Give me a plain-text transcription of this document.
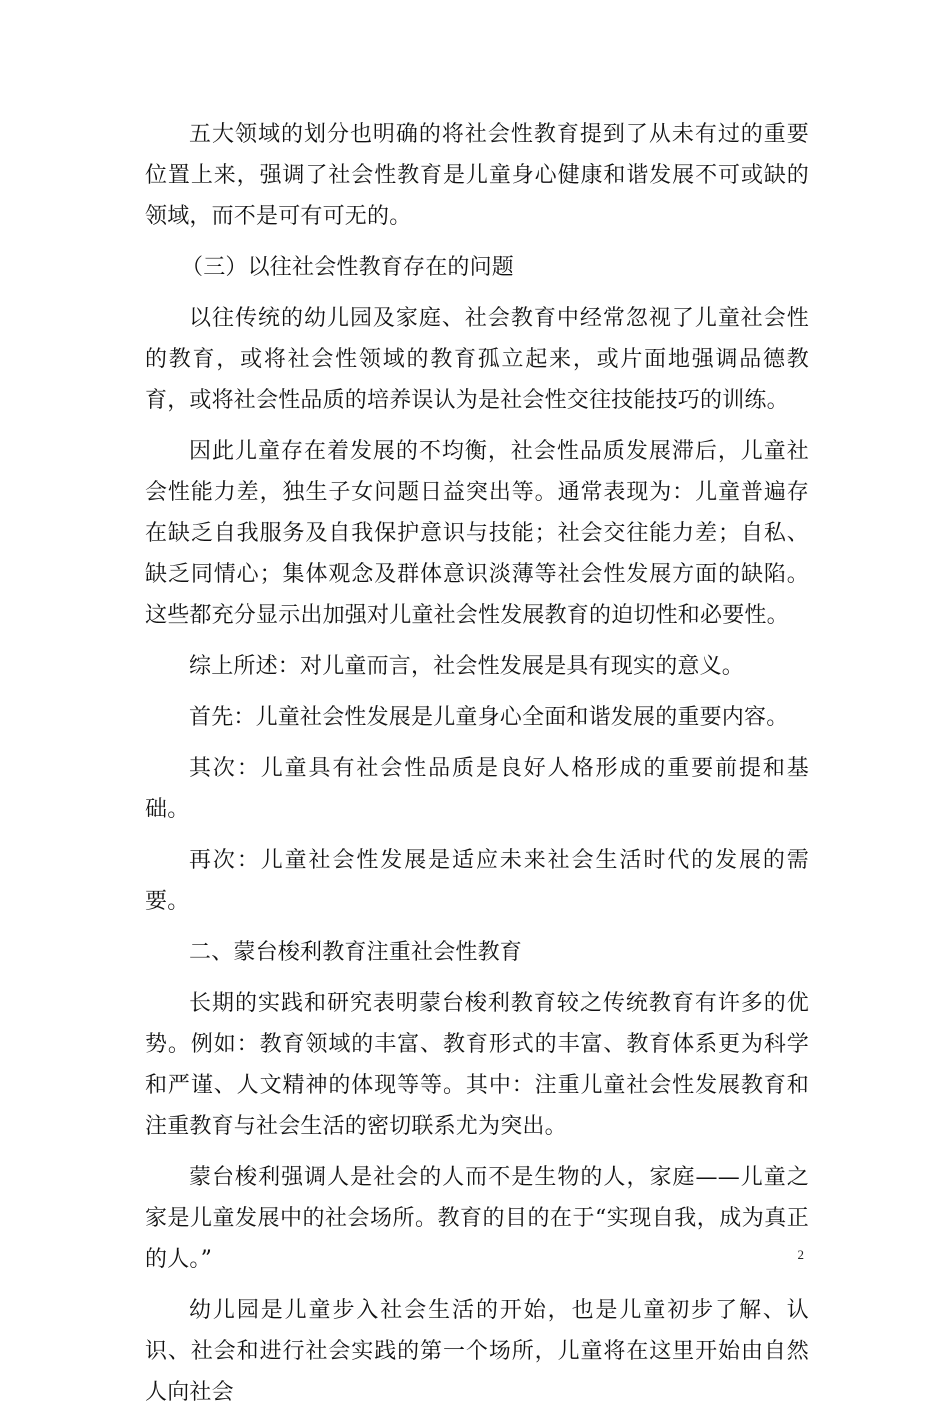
五大领域的划分也明确的将社会性教育提到了从未有过的重要位置上来，强调了社会性教育是儿童身心健康和谐发展不可或缺的领域，而不是可有可无的。

（三）以往社会性教育存在的问题

以往传统的幼儿园及家庭、社会教育中经常忽视了儿童社会性的教育，或将社会性领域的教育孤立起来，或片面地强调品德教育，或将社会性品质的培养误认为是社会性交往技能技巧的训练。

因此儿童存在着发展的不均衡，社会性品质发展滞后，儿童社会性能力差，独生子女问题日益突出等。通常表现为：儿童普遍存在缺乏自我服务及自我保护意识与技能；社会交往能力差；自私、缺乏同情心；集体观念及群体意识淡薄等社会性发展方面的缺陷。这些都充分显示出加强对儿童社会性发展教育的迫切性和必要性。

综上所述：对儿童而言，社会性发展是具有现实的意义。

首先：儿童社会性发展是儿童身心全面和谐发展的重要内容。

其次：儿童具有社会性品质是良好人格形成的重要前提和基础。

再次：儿童社会性发展是适应未来社会生活时代的发展的需要。

二、蒙台梭利教育注重社会性教育

长期的实践和研究表明蒙台梭利教育较之传统教育有许多的优势。例如：教育领域的丰富、教育形式的丰富、教育体系更为科学和严谨、人文精神的体现等等。其中：注重儿童社会性发展教育和注重教育与社会生活的密切联系尤为突出。

蒙台梭利强调人是社会的人而不是生物的人，家庭——儿童之家是儿童发展中的社会场所。教育的目的在于“实现自我，成为真正的人。”

幼儿园是儿童步入社会生活的开始，也是儿童初步了解、认识、社会和进行社会实践的第一个场所，儿童将在这里开始由自然人向社会

2
